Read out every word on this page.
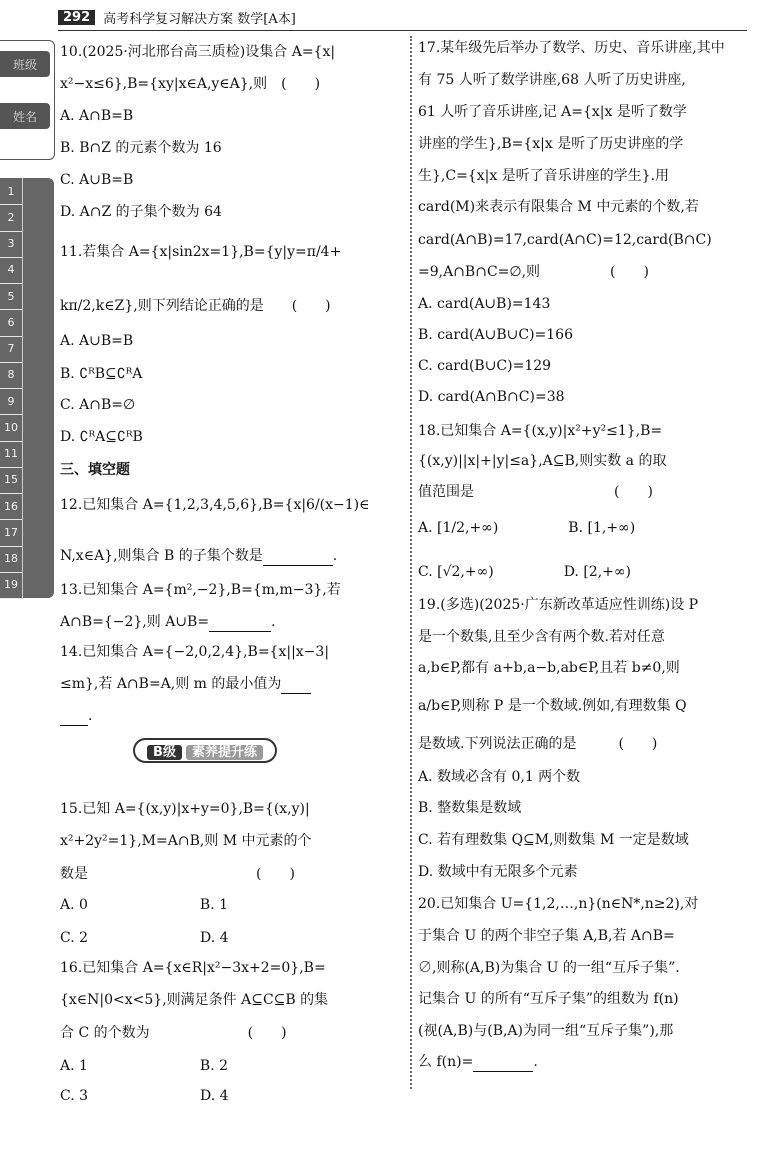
292	高考科学复习解决方案 数学[A本]
班级
姓名
1
2
3
4
5
6
7
8
9
10
11
15
16
17
18
19
10.(2025·河北邢台高三质检)设集合 A={x|
x²−x≤6},B={xy|x∈A,y∈A},则　(　　)
A. A∩B=B
B. B∩Z 的元素个数为 16
C. A∪B=B
D. A∩Z 的子集个数为 64
11.若集合 A={x|sin2x=1},B={y|y=π/4+
kπ/2,k∈Z},则下列结论正确的是　　(　　)
A. A∪B=B
B. ∁ᴿB⊆∁ᴿA
C. A∩B=∅
D. ∁ᴿA⊆∁ᴿB
三、填空题
12.已知集合 A={1,2,3,4,5,6},B={x|6/(x−1)∈
N,x∈A},则集合 B 的子集个数是	.
13.已知集合 A={m²,−2},B={m,m−3},若
A∩B={−2},则 A∪B=	.
14.已知集合 A={−2,0,2,4},B={x||x−3|
≤m},若 A∩B=A,则 m 的最小值为
.
15.已知 A={(x,y)|x+y=0},B={(x,y)|
x²+2y²=1},M=A∩B,则 M 中元素的个
数是　　　　　　　　　　　　(　　)
A. 0　　　　　　　　B. 1
C. 2　　　　　　　　D. 4
16.已知集合 A={x∈R|x²−3x+2=0},B=
{x∈N|0<x<5},则满足条件 A⊆C⊆B 的集
合 C 的个数为　　　　　　　(　　)
A. 1　　　　　　　　B. 2
C. 3　　　　　　　　D. 4
17.某年级先后举办了数学、历史、音乐讲座,其中
有 75 人听了数学讲座,68 人听了历史讲座,
61 人听了音乐讲座,记 A={x|x 是听了数学
讲座的学生},B={x|x 是听了历史讲座的学
生},C={x|x 是听了音乐讲座的学生}.用
card(M)来表示有限集合 M 中元素的个数,若
card(A∩B)=17,card(A∩C)=12,card(B∩C)
=9,A∩B∩C=∅,则　　　　　(　　)
A. card(A∪B)=143
B. card(A∪B∪C)=166
C. card(B∪C)=129
D. card(A∩B∩C)=38
18.已知集合 A={(x,y)|x²+y²≤1},B=
{(x,y)||x|+|y|≤a},A⊆B,则实数 a 的取
值范围是　　　　　　　　　　(　　)
A. [1/2,+∞)　　　　　B. [1,+∞)
C. [√2,+∞)　　　　　D. [2,+∞)
19.(多选)(2025·广东新改革适应性训练)设 P
是一个数集,且至少含有两个数.若对任意
a,b∈P,都有 a+b,a−b,ab∈P,且若 b≠0,则
a/b∈P,则称 P 是一个数域.例如,有理数集 Q
是数域.下列说法正确的是　　　(　　)
A. 数域必含有 0,1 两个数
B. 整数集是数域
C. 若有理数集 Q⊆M,则数集 M 一定是数域
D. 数域中有无限多个元素
20.已知集合 U={1,2,…,n}(n∈N*,n≥2),对
于集合 U 的两个非空子集 A,B,若 A∩B=
∅,则称(A,B)为集合 U 的一组“互斥子集”.
记集合 U 的所有“互斥子集”的组数为 f(n)
(视(A,B)与(B,A)为同一组“互斥子集”),那
么 f(n)=	.
B级 素养提升练
